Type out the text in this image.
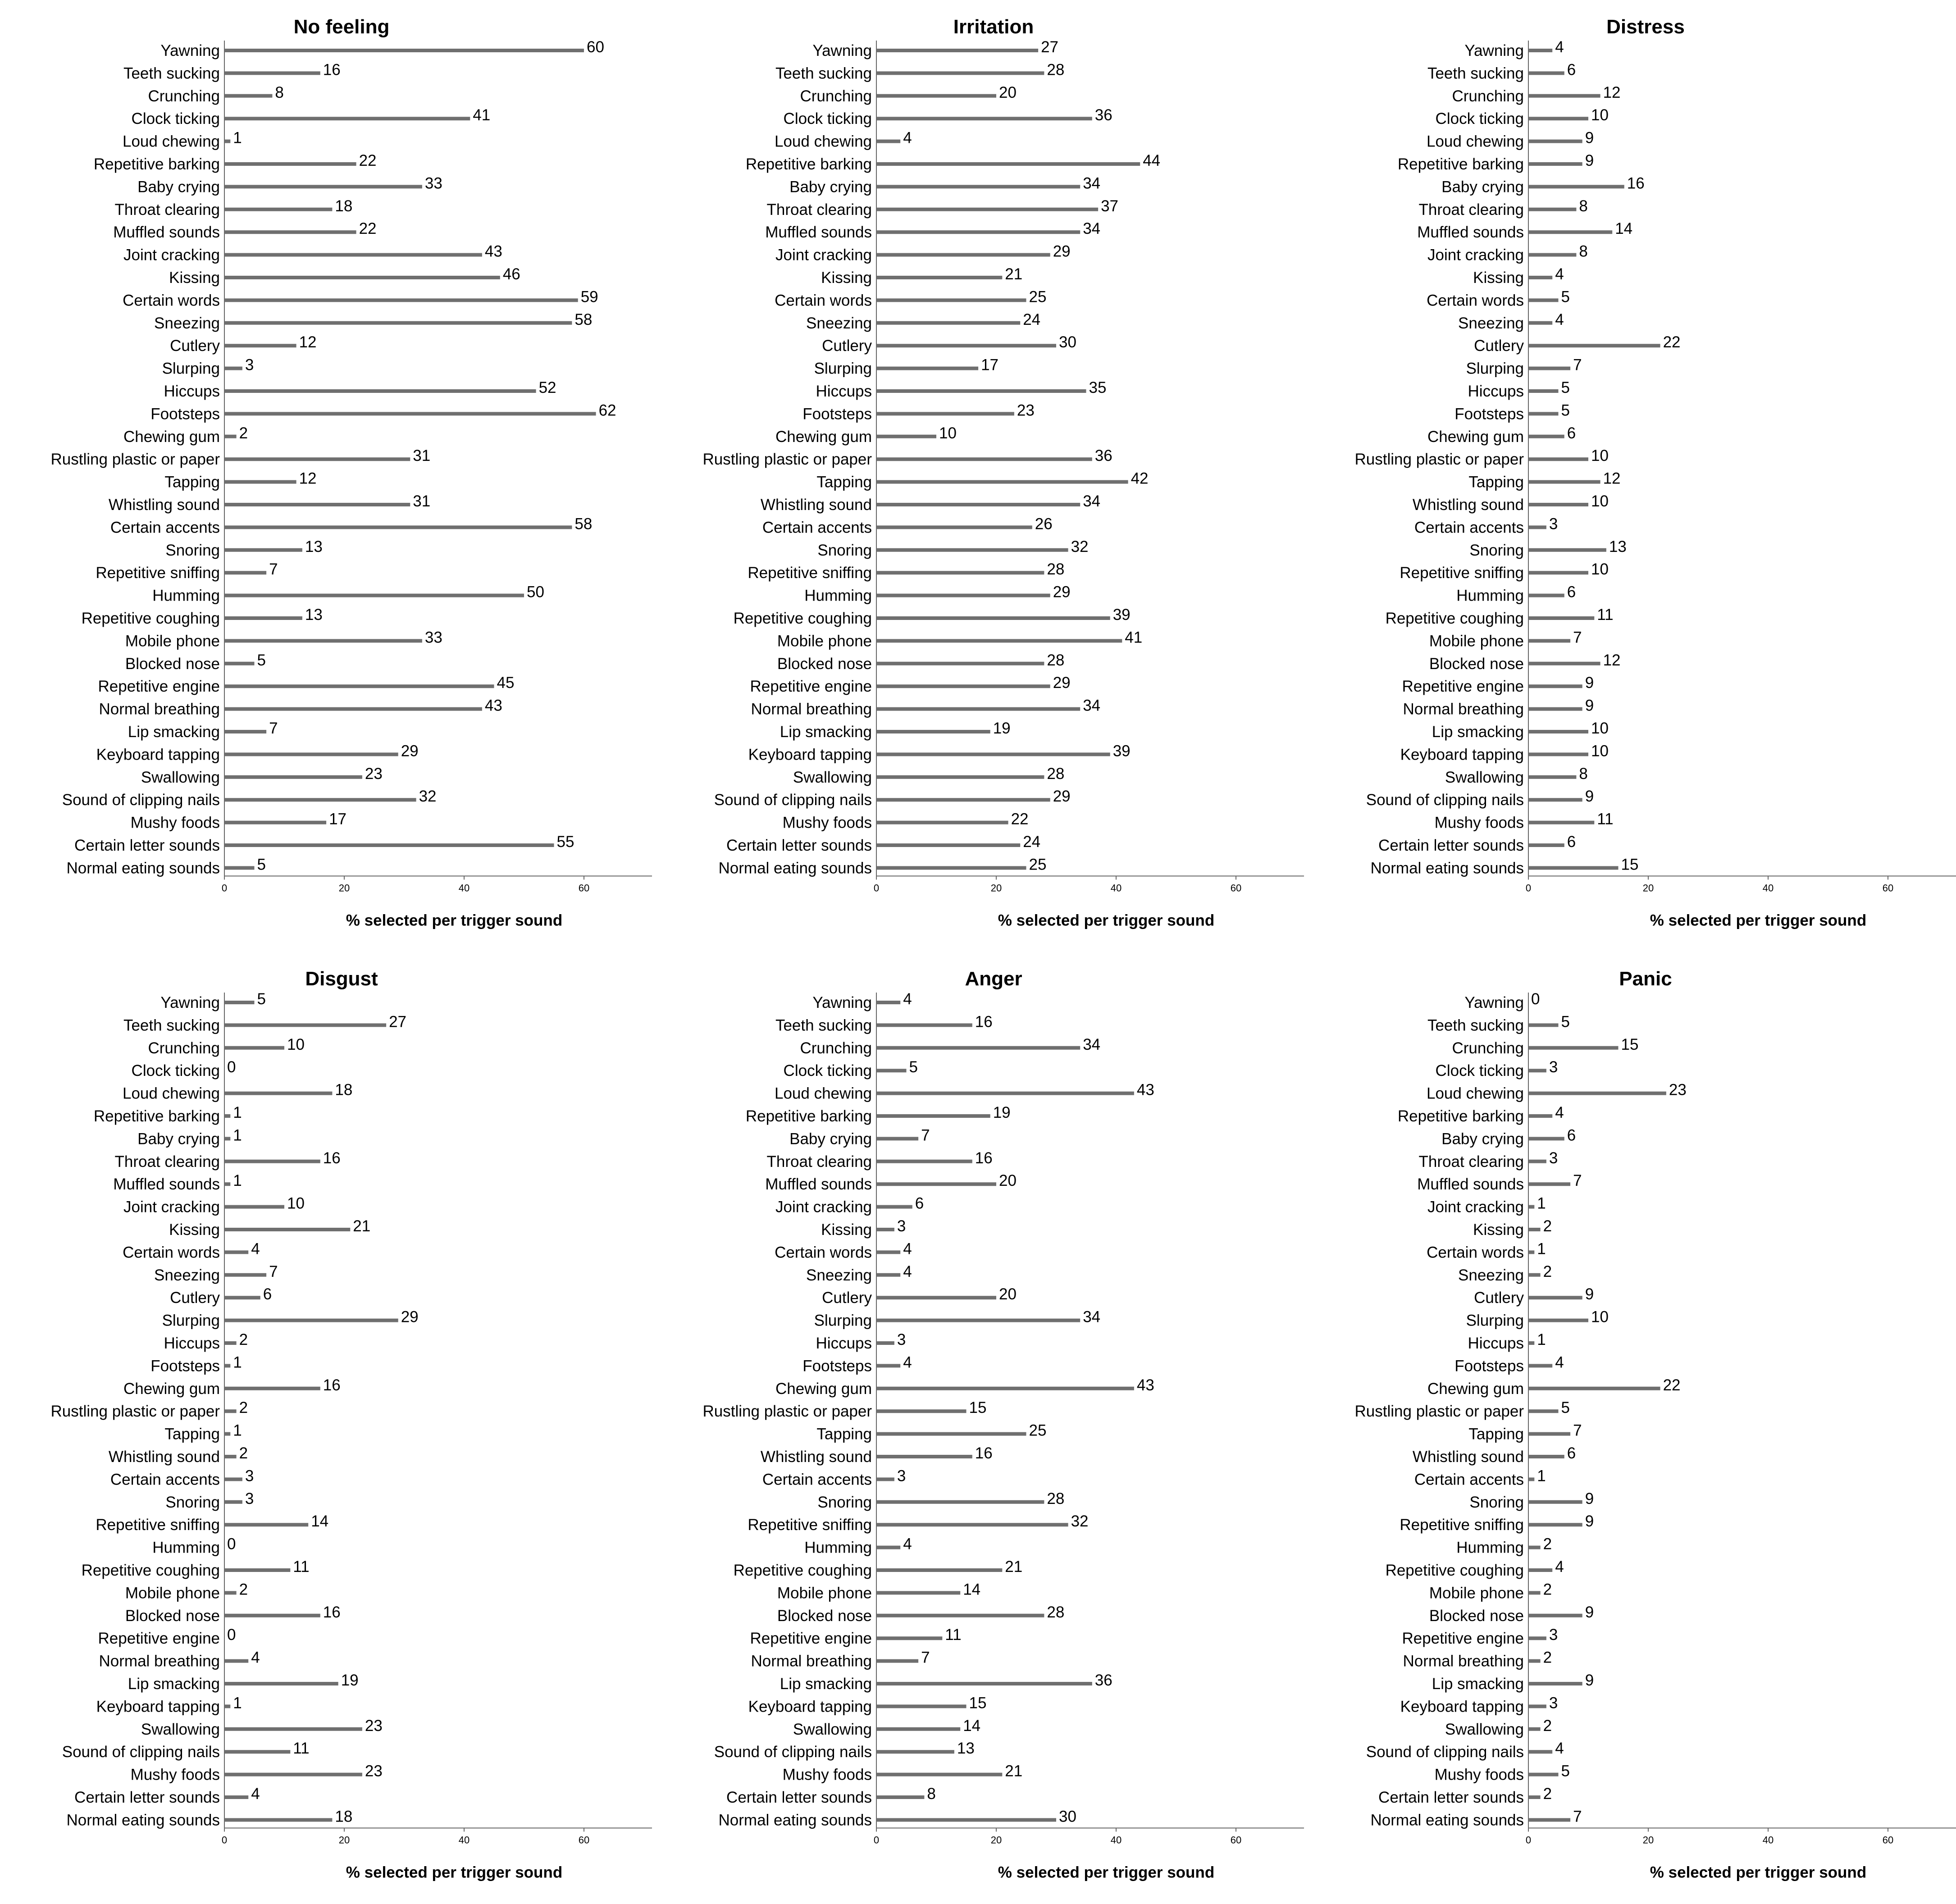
No feeling
0	20	40	60
% selected per trigger sound
Yawning	60
Teeth sucking	16
Crunching	8
Clock ticking	41
Loud chewing 1
Repetitive barking	22
Baby crying	33
Throat clearing	18
Muffled sounds	22
Joint cracking	43
Kissing	46
Certain words	59
Sneezing	58
Cutlery	12
Slurping 3
Hiccups	52
Footsteps	62
Chewing gum 2
Rustling plastic or paper	31
Tapping	12
Whistling sound	31
Certain accents	58
Snoring	13
Repetitive sniffing	7
Humming	50
Repetitive coughing	13
Mobile phone	33
Blocked nose 5
Repetitive engine	45
Normal breathing	43
Lip smacking	7
Keyboard tapping	29
Swallowing	23
Sound of clipping nails	32
Mushy foods	17
Certain letter sounds	55
Normal eating sounds 5
Irritation
0	20	40	60
% selected per trigger sound
Yawning	27
Teeth sucking	28
Crunching	20
Clock ticking	36
Loud chewing 4
Repetitive barking	44
Baby crying	34
Throat clearing	37
Muffled sounds	34
Joint cracking	29
Kissing	21
Certain words	25
Sneezing	24
Cutlery	30
Slurping	17
Hiccups	35
Footsteps	23
Chewing gum	10
Rustling plastic or paper	36
Tapping	42
Whistling sound	34
Certain accents	26
Snoring	32
Repetitive sniffing	28
Humming	29
Repetitive coughing	39
Mobile phone	41
Blocked nose	28
Repetitive engine	29
Normal breathing	34
Lip smacking	19
Keyboard tapping	39
Swallowing	28
Sound of clipping nails	29
Mushy foods	22
Certain letter sounds	24
Normal eating sounds	25
Distress
0	20	40	60
% selected per trigger sound
Yawning 4
Teeth sucking	6
Crunching	12
Clock ticking	10
Loud chewing	9
Repetitive barking	9
Baby crying	16
Throat clearing	8
Muffled sounds	14
Joint cracking	8
Kissing 4
Certain words 5
Sneezing 4
Cutlery	22
Slurping	7
Hiccups 5
Footsteps 5
Chewing gum	6
Rustling plastic or paper	10
Tapping	12
Whistling sound	10
Certain accents 3
Snoring	13
Repetitive sniffing	10
Humming	6
Repetitive coughing	11
Mobile phone	7
Blocked nose	12
Repetitive engine	9
Normal breathing	9
Lip smacking	10
Keyboard tapping	10
Swallowing	8
Sound of clipping nails	9
Mushy foods	11
Certain letter sounds	6
Normal eating sounds	15
Disgust
0	20	40	60
% selected per trigger sound
Yawning 5
Teeth sucking	27
Crunching	10
Clock ticking 0
Loud chewing	18
Repetitive barking 1
Baby crying 1
Throat clearing	16
Muffled sounds 1
Joint cracking	10
Kissing	21
Certain words 4
Sneezing	7
Cutlery	6
Slurping	29
Hiccups 2
Footsteps 1
Chewing gum	16
Rustling plastic or paper 2
Tapping 1
Whistling sound 2
Certain accents 3
Snoring 3
Repetitive sniffing	14
Humming 0
Repetitive coughing	11
Mobile phone 2
Blocked nose	16
Repetitive engine 0
Normal breathing 4
Lip smacking	19
Keyboard tapping 1
Swallowing	23
Sound of clipping nails	11
Mushy foods	23
Certain letter sounds 4
Normal eating sounds	18
Anger
0	20	40	60
% selected per trigger sound
Yawning 4
Teeth sucking	16
Crunching	34
Clock ticking 5
Loud chewing	43
Repetitive barking	19
Baby crying	7
Throat clearing	16
Muffled sounds	20
Joint cracking	6
Kissing 3
Certain words 4
Sneezing 4
Cutlery	20
Slurping	34
Hiccups 3
Footsteps 4
Chewing gum	43
Rustling plastic or paper	15
Tapping	25
Whistling sound	16
Certain accents 3
Snoring	28
Repetitive sniffing	32
Humming 4
Repetitive coughing	21
Mobile phone	14
Blocked nose	28
Repetitive engine	11
Normal breathing	7
Lip smacking	36
Keyboard tapping	15
Swallowing	14
Sound of clipping nails	13
Mushy foods	21
Certain letter sounds	8
Normal eating sounds	30
Panic
0	20	40	60
% selected per trigger sound
Yawning 0
Teeth sucking 5
Crunching	15
Clock ticking 3
Loud chewing	23
Repetitive barking 4
Baby crying	6
Throat clearing 3
Muffled sounds	7
Joint cracking 1
Kissing 2
Certain words 1
Sneezing 2
Cutlery	9
Slurping	10
Hiccups 1
Footsteps 4
Chewing gum	22
Rustling plastic or paper 5
Tapping	7
Whistling sound	6
Certain accents 1
Snoring	9
Repetitive sniffing	9
Humming 2
Repetitive coughing 4
Mobile phone 2
Blocked nose	9
Repetitive engine 3
Normal breathing 2
Lip smacking	9
Keyboard tapping 3
Swallowing 2
Sound of clipping nails 4
Mushy foods 5
Certain letter sounds 2
Normal eating sounds	7
